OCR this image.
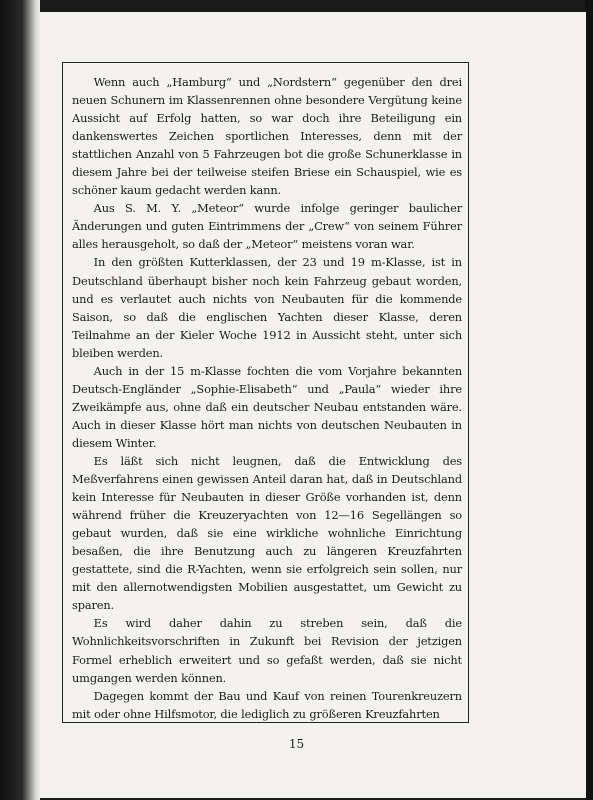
Wenn auch „Hamburg“ und „Nordstern“ gegenüber den drei neuen Schunern im Klassenrennen ohne besondere Vergütung keine Aussicht auf Erfolg hatten, so war doch ihre Beteiligung ein dankenswertes Zeichen sportlichen Interesses, denn mit der stattlichen Anzahl von 5 Fahrzeugen bot die große Schunerklasse in diesem Jahre bei der teilweise steifen Briese ein Schauspiel, wie es schöner kaum gedacht werden kann.

Aus S. M. Y. „Meteor“ wurde infolge geringer baulicher Änderungen und guten Eintrimmens der „Crew“ von seinem Führer alles herausgeholt, so daß der „Meteor“ meistens voran war.

In den größten Kutterklassen, der 23 und 19 m-Klasse, ist in Deutschland überhaupt bisher noch kein Fahrzeug gebaut worden, und es verlautet auch nichts von Neubauten für die kommende Saison, so daß die englischen Yachten dieser Klasse, deren Teilnahme an der Kieler Woche 1912 in Aussicht steht, unter sich bleiben werden.

Auch in der 15 m-Klasse fochten die vom Vorjahre bekannten Deutsch-Engländer „Sophie-Elisabeth“ und „Paula“ wieder ihre Zweikämpfe aus, ohne daß ein deutscher Neubau entstanden wäre. Auch in dieser Klasse hört man nichts von deutschen Neubauten in diesem Winter.

Es läßt sich nicht leugnen, daß die Entwicklung des Meßverfahrens einen gewissen Anteil daran hat, daß in Deutschland kein Interesse für Neubauten in dieser Größe vorhanden ist, denn während früher die Kreuzeryachten von 12—16 Segellängen so gebaut wurden, daß sie eine wirkliche wohnliche Einrichtung besaßen, die ihre Benutzung auch zu längeren Kreuzfahrten gestattete, sind die R-Yachten, wenn sie erfolgreich sein sollen, nur mit den allernotwendigsten Mobilien ausgestattet, um Gewicht zu sparen.

Es wird daher dahin zu streben sein, daß die Wohnlichkeitsvorschriften in Zukunft bei Revision der jetzigen Formel erheblich erweitert und so gefaßt werden, daß sie nicht umgangen werden können.

Dagegen kommt der Bau und Kauf von reinen Tourenkreuzern mit oder ohne Hilfsmotor, die lediglich zu größeren Kreuzfahrten

15
